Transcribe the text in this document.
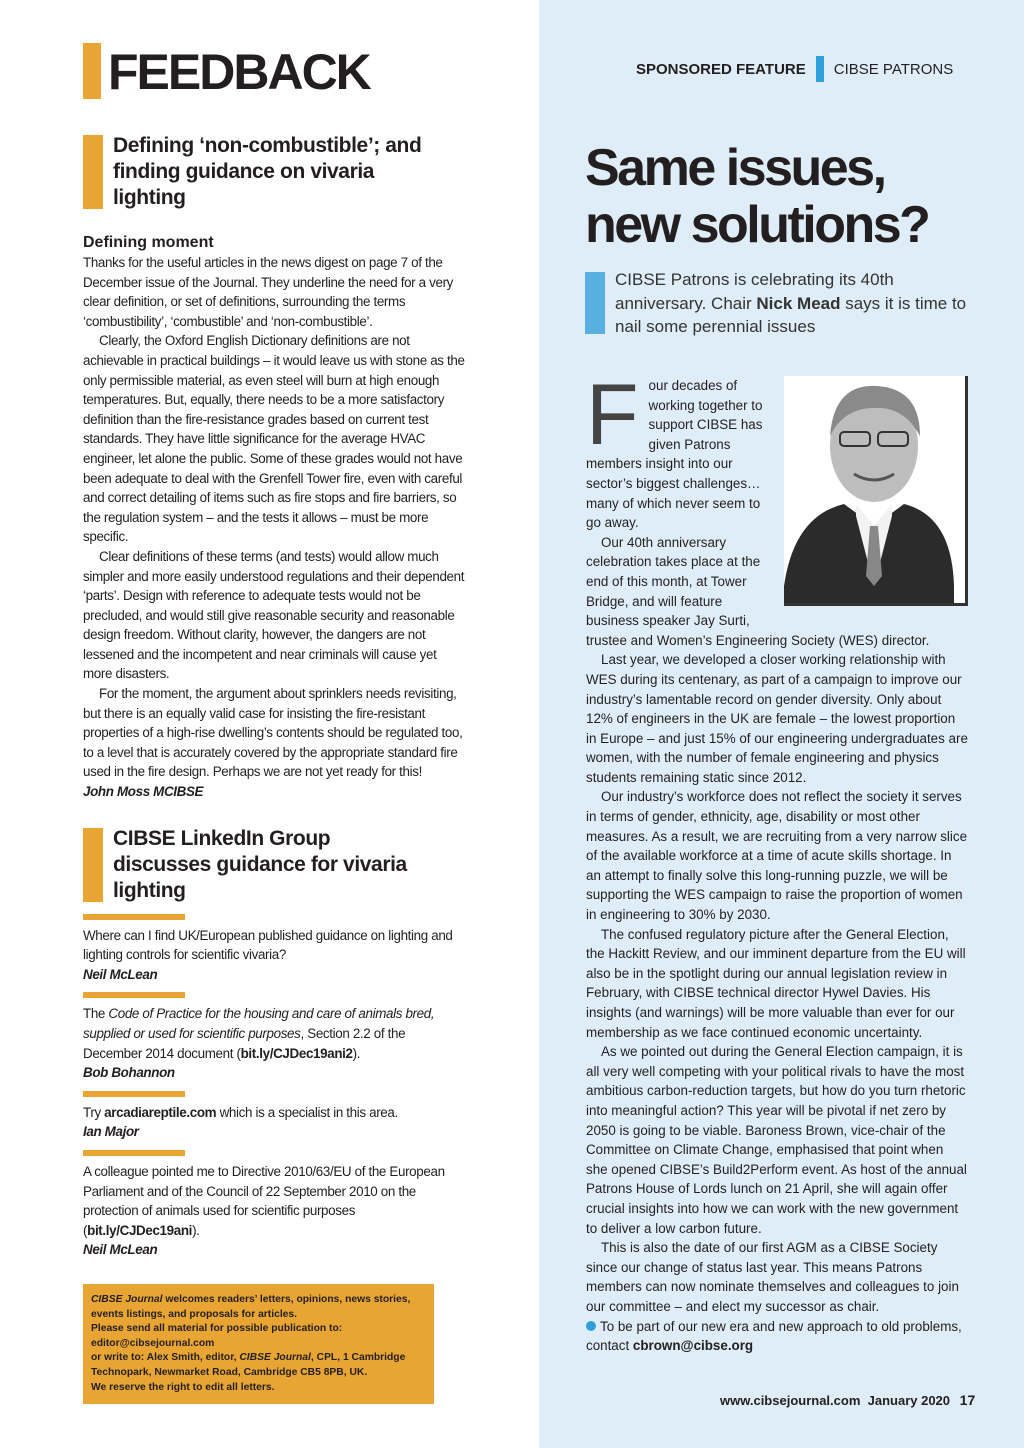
FEEDBACK
Defining ‘non-combustible’; and finding guidance on vivaria lighting
Defining moment

Thanks for the useful articles in the news digest on page 7 of the December issue of the Journal. They underline the need for a very clear definition, or set of definitions, surrounding the terms ‘combustibility’, ‘combustible’ and ‘non-combustible’.

Clearly, the Oxford English Dictionary definitions are not achievable in practical buildings – it would leave us with stone as the only permissible material, as even steel will burn at high enough temperatures. But, equally, there needs to be a more satisfactory definition than the fire-resistance grades based on current test standards. They have little significance for the average HVAC engineer, let alone the public. Some of these grades would not have been adequate to deal with the Grenfell Tower fire, even with careful and correct detailing of items such as fire stops and fire barriers, so the regulation system – and the tests it allows – must be more specific.

Clear definitions of these terms (and tests) would allow much simpler and more easily understood regulations and their dependent ‘parts’. Design with reference to adequate tests would not be precluded, and would still give reasonable security and reasonable design freedom. Without clarity, however, the dangers are not lessened and the incompetent and near criminals will cause yet more disasters.

For the moment, the argument about sprinklers needs revisiting, but there is an equally valid case for insisting the fire-resistant properties of a high-rise dwelling’s contents should be regulated too, to a level that is accurately covered by the appropriate standard fire used in the fire design. Perhaps we are not yet ready for this!

John Moss MCIBSE
CIBSE LinkedIn Group discusses guidance for vivaria lighting
Where can I find UK/European published guidance on lighting and lighting controls for scientific vivaria?
Neil McLean
The Code of Practice for the housing and care of animals bred, supplied or used for scientific purposes, Section 2.2 of the December 2014 document (bit.ly/CJDec19ani2).
Bob Bohannon
Try arcadiareptile.com which is a specialist in this area.
Ian Major
A colleague pointed me to Directive 2010/63/EU of the European Parliament and of the Council of 22 September 2010 on the protection of animals used for scientific purposes (bit.ly/CJDec19ani).
Neil McLean
CIBSE Journal welcomes readers’ letters, opinions, news stories, events listings, and proposals for articles.
Please send all material for possible publication to:
editor@cibsejournal.com
or write to: Alex Smith, editor, CIBSE Journal, CPL, 1 Cambridge Technopark, Newmarket Road, Cambridge CB5 8PB, UK.
We reserve the right to edit all letters.
SPONSORED FEATURE CIBSE PATRONS
Same issues,
new solutions?
CIBSE Patrons is celebrating its 40th anniversary. Chair Nick Mead says it is time to nail some perennial issues

Four decades of working together to support CIBSE has given Patrons members insight into our sector’s biggest challenges… many of which never seem to go away.

Our 40th anniversary celebration takes place at the end of this month, at Tower Bridge, and will feature business speaker Jay Surti, trustee and Women’s Engineering Society (WES) director.

Last year, we developed a closer working relationship with WES during its centenary, as part of a campaign to improve our industry’s lamentable record on gender diversity. Only about 12% of engineers in the UK are female – the lowest proportion in Europe – and just 15% of our engineering undergraduates are women, with the number of female engineering and physics students remaining static since 2012.

Our industry’s workforce does not reflect the society it serves in terms of gender, ethnicity, age, disability or most other measures. As a result, we are recruiting from a very narrow slice of the available workforce at a time of acute skills shortage. In an attempt to finally solve this long-running puzzle, we will be supporting the WES campaign to raise the proportion of women in engineering to 30% by 2030.

The confused regulatory picture after the General Election, the Hackitt Review, and our imminent departure from the EU will also be in the spotlight during our annual legislation review in February, with CIBSE technical director Hywel Davies. His insights (and warnings) will be more valuable than ever for our membership as we face continued economic uncertainty.

As we pointed out during the General Election campaign, it is all very well competing with your political rivals to have the most ambitious carbon-reduction targets, but how do you turn rhetoric into meaningful action? This year will be pivotal if net zero by 2050 is going to be viable. Baroness Brown, vice-chair of the Committee on Climate Change, emphasised that point when she opened CIBSE’s Build2Perform event. As host of the annual Patrons House of Lords lunch on 21 April, she will again offer crucial insights into how we can work with the new government to deliver a low carbon future.

This is also the date of our first AGM as a CIBSE Society since our change of status last year. This means Patrons members can now nominate themselves and colleagues to join our committee – and elect my successor as chair.

To be part of our new era and new approach to old problems, contact cbrown@cibse.org
www.cibsejournal.com January 2020 17
